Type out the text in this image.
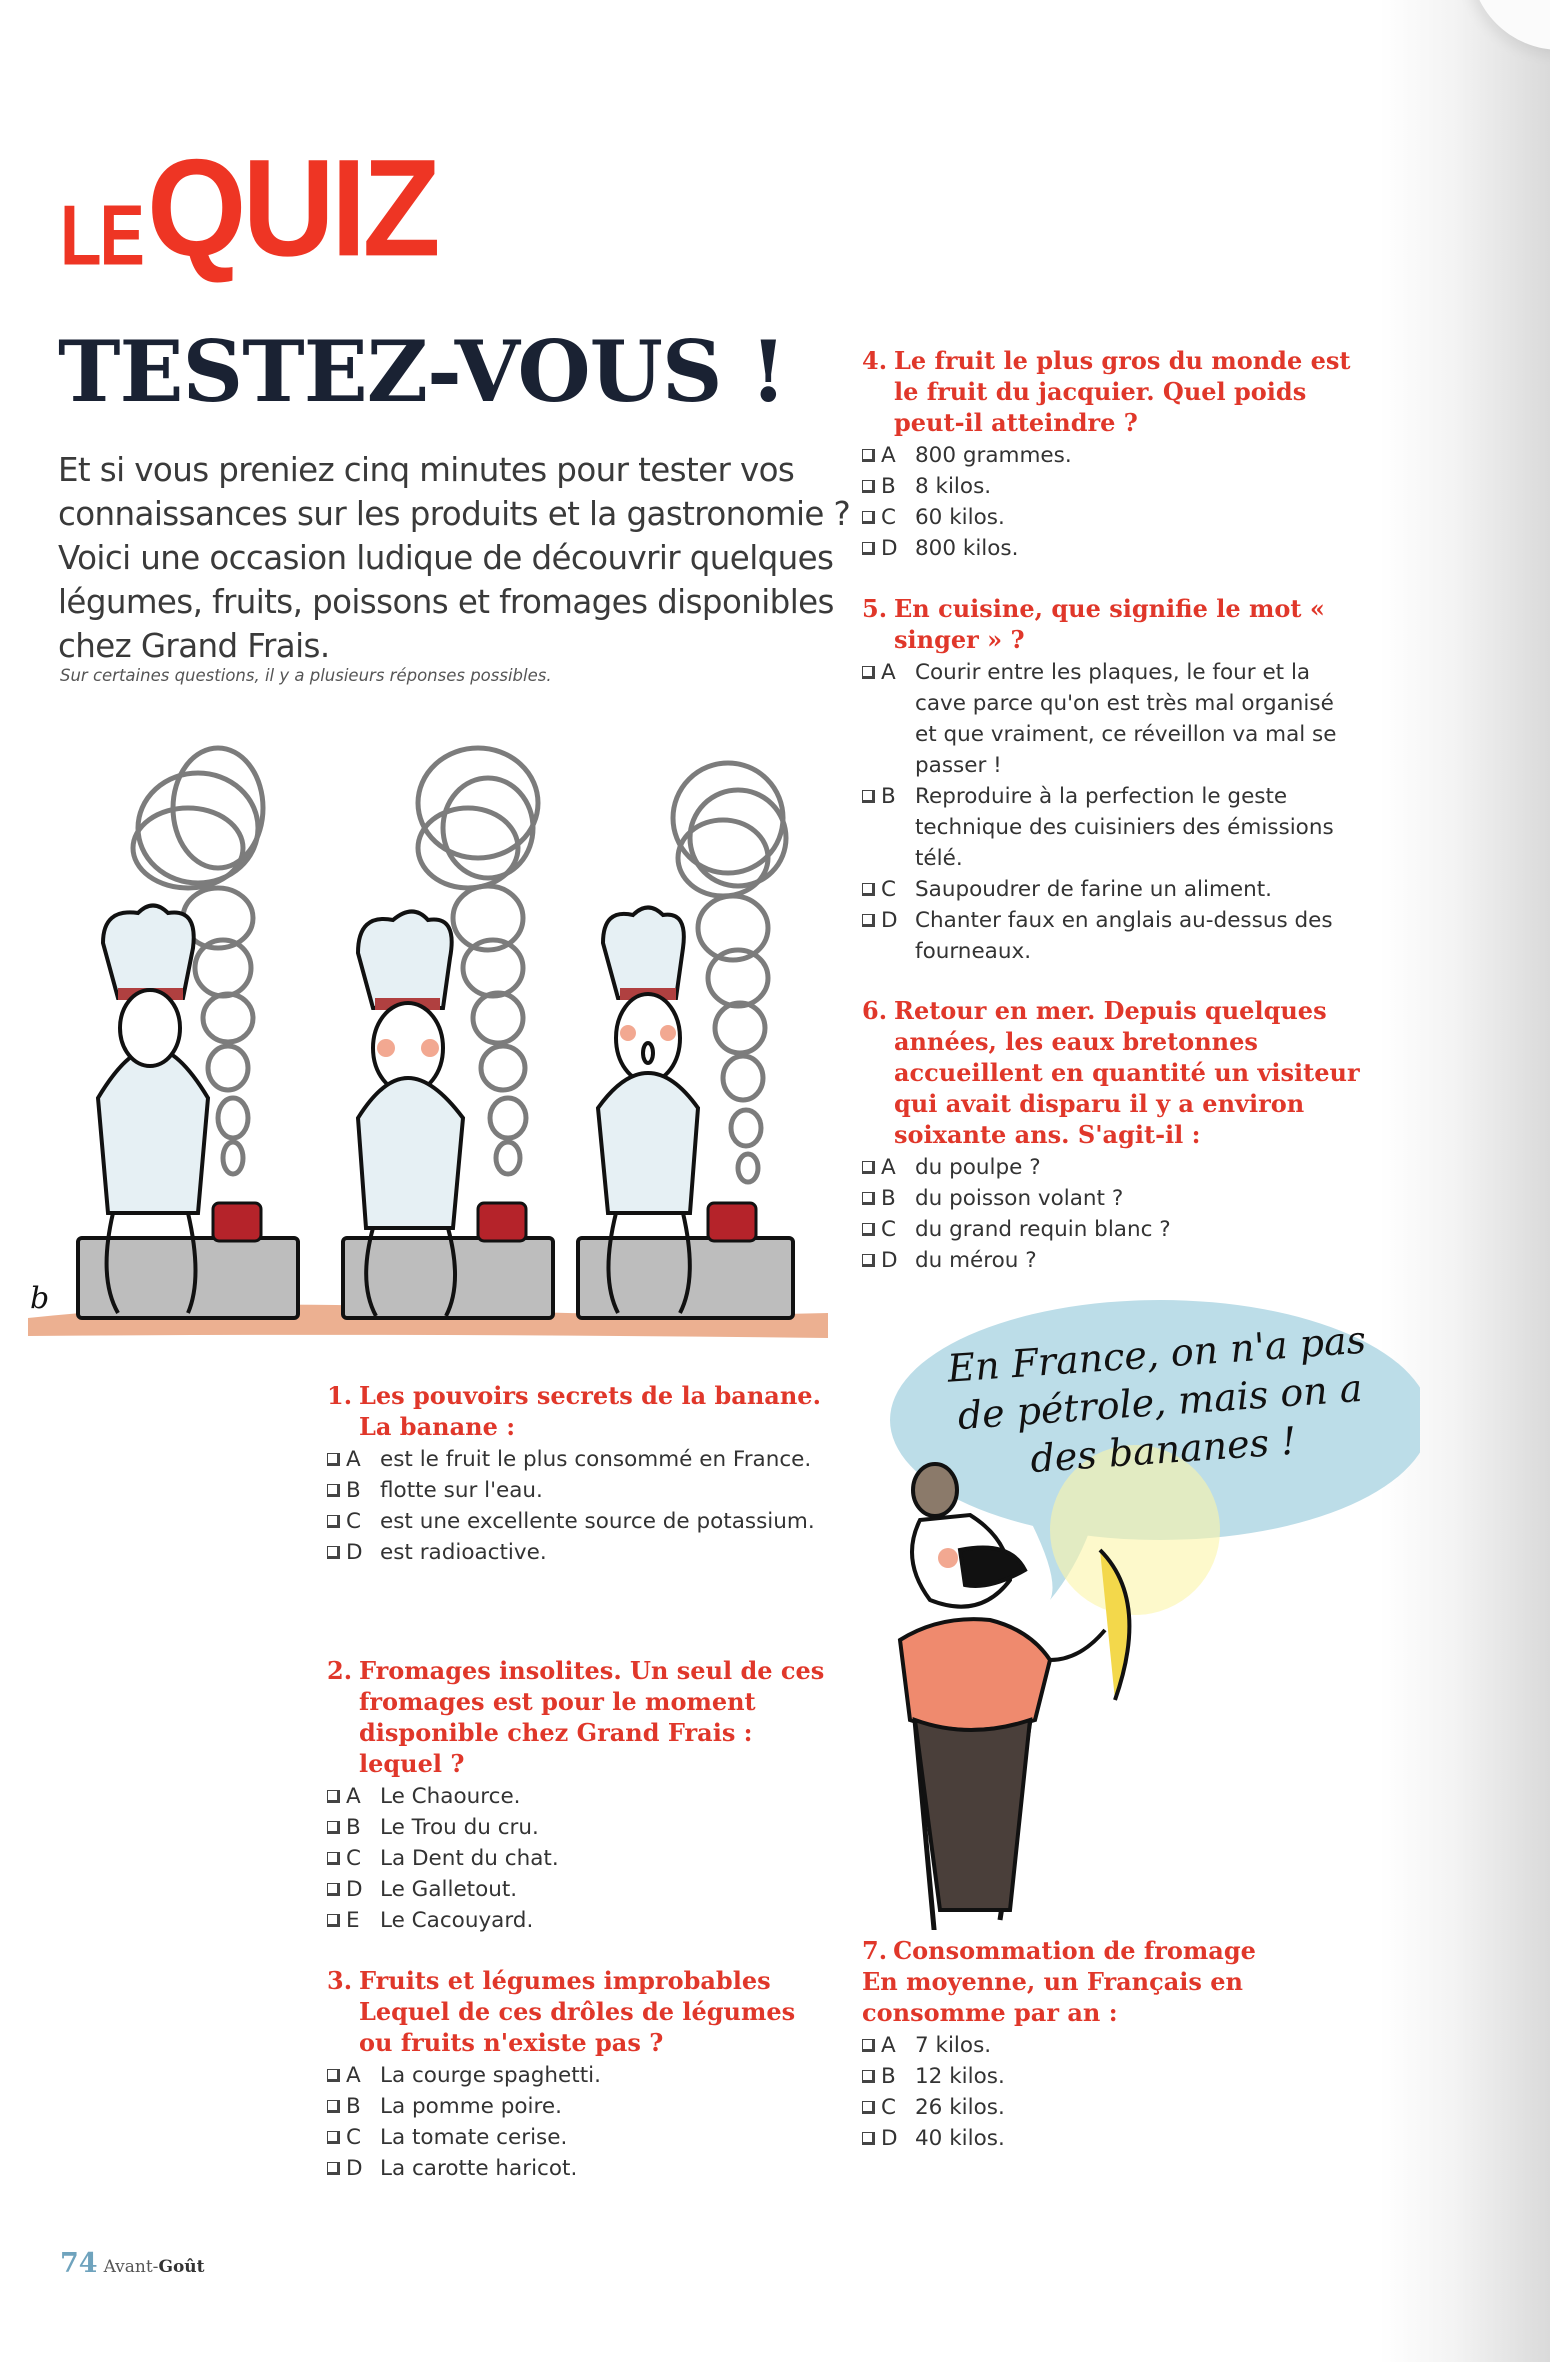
LEQUIZ
TESTEZ-VOUS !
Et si vous preniez cinq minutes pour tester vos connaissances sur les produits et la gastronomie ? Voici une occasion ludique de découvrir quelques légumes, fruits, poissons et fromages disponibles chez Grand Frais.
Sur certaines questions, il y a plusieurs réponses possibles.
b
En France, on n'a pas de pétrole, mais on a des bananes !
4. Le fruit le plus gros du monde est le fruit du jacquier. Quel poids peut-il atteindre ?
A 800 grammes.
B 8 kilos.
C 60 kilos.
D 800 kilos.
5. En cuisine, que signifie le mot « singer » ?
A Courir entre les plaques, le four et la cave parce qu'on est très mal organisé et que vraiment, ce réveillon va mal se passer !
B Reproduire à la perfection le geste technique des cuisiniers des émissions télé.
C Saupoudrer de farine un aliment.
D Chanter faux en anglais au-dessus des fourneaux.
6. Retour en mer. Depuis quelques années, les eaux bretonnes accueillent en quantité un visiteur qui avait disparu il y a environ soixante ans. S'agit-il :
A du poulpe ?
B du poisson volant ?
C du grand requin blanc ?
D du mérou ?
1. Les pouvoirs secrets de la banane.
La banane :
A est le fruit le plus consommé en France.
B flotte sur l'eau.
C est une excellente source de potassium.
D est radioactive.
2. Fromages insolites. Un seul de ces fromages est pour le moment disponible chez Grand Frais : lequel ?
A Le Chaource.
B Le Trou du cru.
C La Dent du chat.
D Le Galletout.
E Le Cacouyard.
3. Fruits et légumes improbables
Lequel de ces drôles de légumes ou fruits n'existe pas ?
A La courge spaghetti.
B La pomme poire.
C La tomate cerise.
D La carotte haricot.
7. Consommation de fromage
En moyenne, un Français en consomme par an :
A 7 kilos.
B 12 kilos.
C 26 kilos.
D 40 kilos.
74 Avant-Goût
